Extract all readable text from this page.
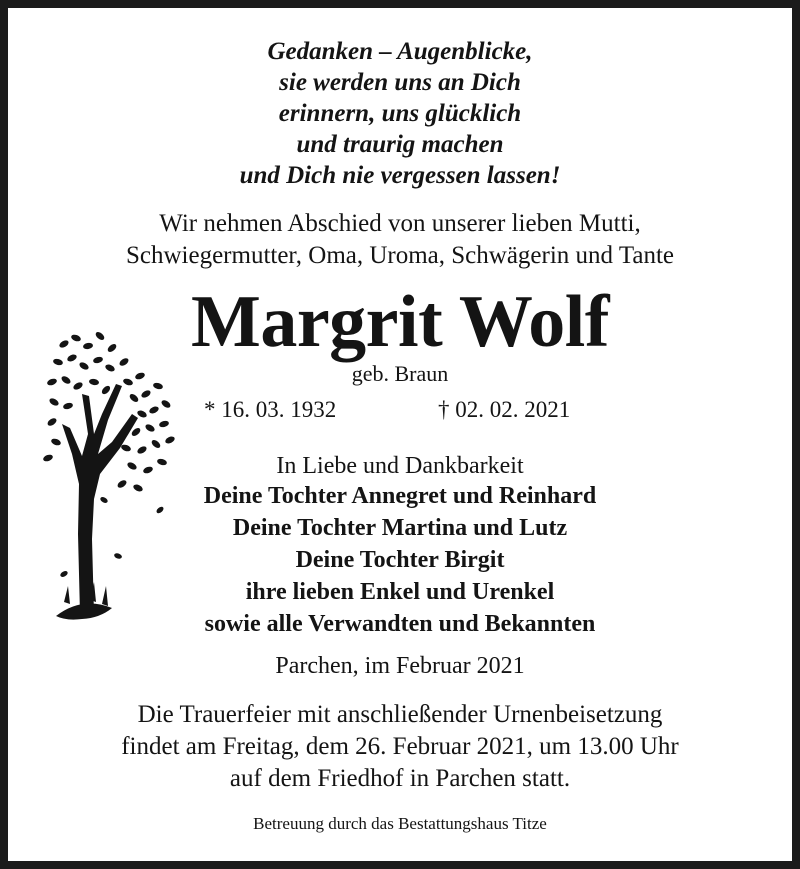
Gedanken – Augenblicke,
sie werden uns an Dich
erinnern, uns glücklich
und traurig machen
und Dich nie vergessen lassen!
Wir nehmen Abschied von unserer lieben Mutti,
Schwiegermutter, Oma, Uroma, Schwägerin und Tante
Margrit Wolf
geb. Braun
* 16. 03. 1932	† 02. 02. 2021
In Liebe und Dankbarkeit
Deine Tochter Annegret und Reinhard
Deine Tochter Martina und Lutz
Deine Tochter Birgit
ihre lieben Enkel und Urenkel
sowie alle Verwandten und Bekannten
Parchen, im Februar 2021
Die Trauerfeier mit anschließender Urnenbeisetzung
findet am Freitag, dem 26. Februar 2021, um 13.00 Uhr
auf dem Friedhof in Parchen statt.
Betreuung durch das Bestattungshaus Titze
